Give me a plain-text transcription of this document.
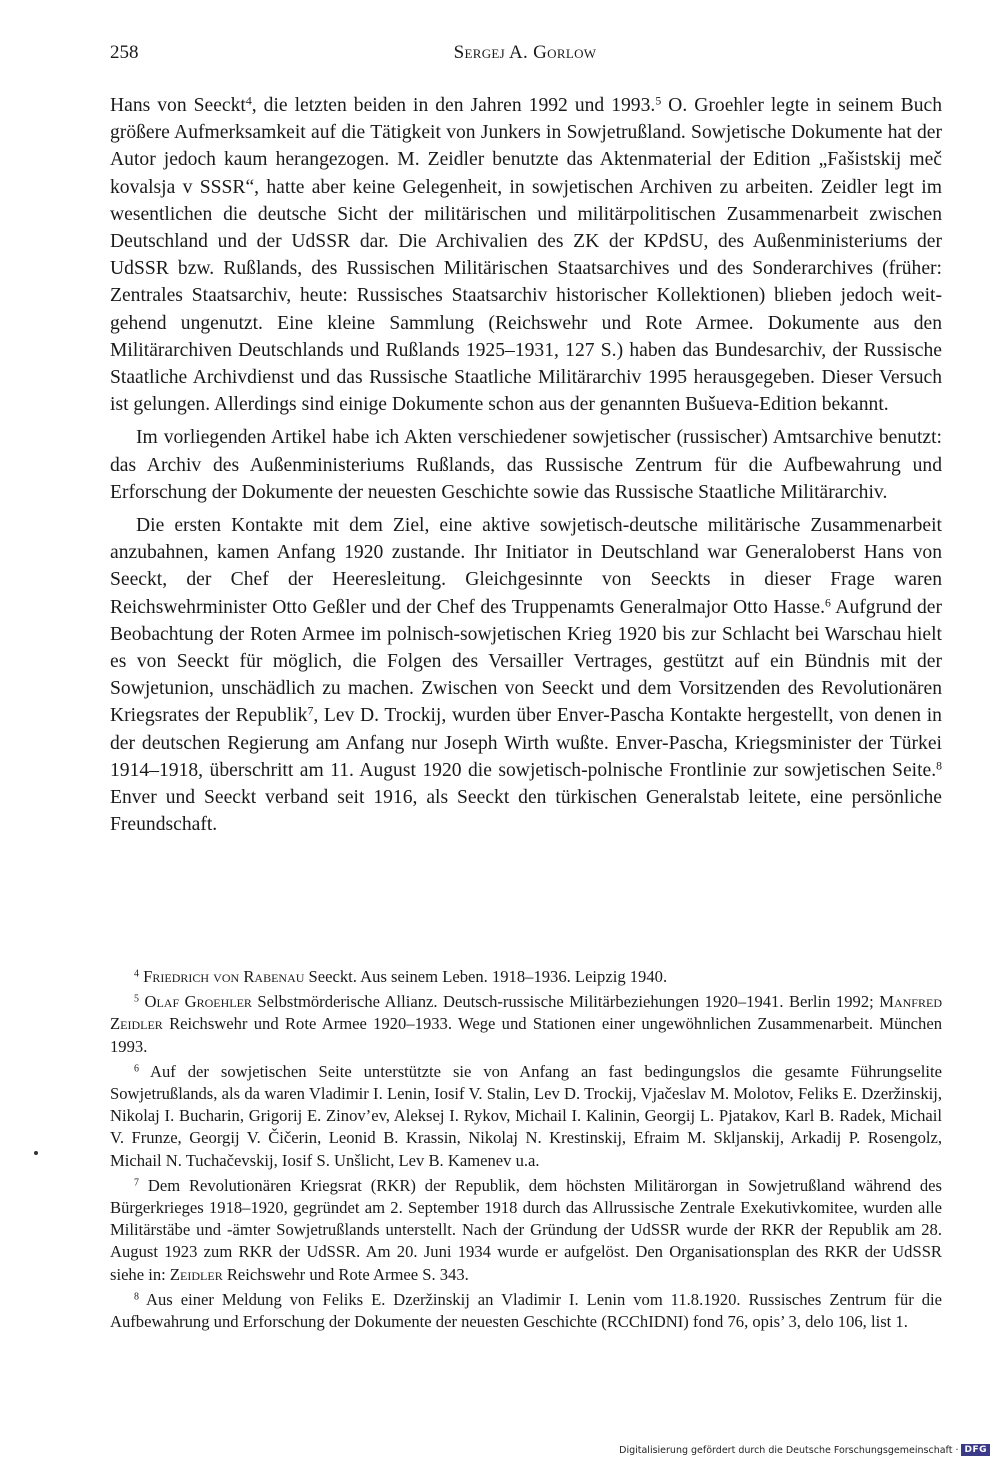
258	Sergej A. Gorlow

Hans von Seeckt$^4$, die letzten beiden in den Jahren 1992 und 1993.$^5$ O. Groehler legte in seinem Buch größere Aufmerksamkeit auf die Tätigkeit von Junkers in Sowjetrußland. Sowjetische Dokumente hat der Autor jedoch kaum herangezogen. M. Zeidler benutzte das Aktenmaterial der Edition „Fašistskij meč kovalsja v SSSR“, hatte aber keine Gelegenheit, in sowjetischen Archiven zu arbeiten. Zeidler legt im wesentlichen die deutsche Sicht der militärischen und militärpolitischen Zusammenarbeit zwischen Deutschland und der UdSSR dar. Die Archivalien des ZK der KPdSU, des Außenministeriums der UdSSR bzw. Rußlands, des Russischen Militärischen Staatsarchives und des Sonderarchives (früher: Zentrales Staatsarchiv, heute: Russisches Staatsarchiv historischer Kollektionen) blieben jedoch weitgehend ungenutzt. Eine kleine Sammlung (Reichswehr und Rote Armee. Dokumente aus den Militärarchiven Deutschlands und Rußlands 1925–1931, 127 S.) haben das Bundesarchiv, der Russische Staatliche Archivdienst und das Russische Staatliche Militärarchiv 1995 herausgegeben. Dieser Versuch ist gelungen. Allerdings sind einige Dokumente schon aus der genannten Bušueva-Edition bekannt.

Im vorliegenden Artikel habe ich Akten verschiedener sowjetischer (russischer) Amtsarchive benutzt: das Archiv des Außenministeriums Rußlands, das Russische Zentrum für die Aufbewahrung und Erforschung der Dokumente der neuesten Geschichte sowie das Russische Staatliche Militärarchiv.

Die ersten Kontakte mit dem Ziel, eine aktive sowjetisch-deutsche militärische Zusammenarbeit anzubahnen, kamen Anfang 1920 zustande. Ihr Initiator in Deutschland war Generaloberst Hans von Seeckt, der Chef der Heeresleitung. Gleichgesinnte von Seeckts in dieser Frage waren Reichswehrminister Otto Geßler und der Chef des Truppenamts Generalmajor Otto Hasse.$^6$ Aufgrund der Beobachtung der Roten Armee im polnisch-sowjetischen Krieg 1920 bis zur Schlacht bei Warschau hielt es von Seeckt für möglich, die Folgen des Versailler Vertrages, gestützt auf ein Bündnis mit der Sowjetunion, unschädlich zu machen. Zwischen von Seeckt und dem Vorsitzenden des Revolutionären Kriegsrates der Republik$^7$, Lev D. Trockij, wurden über Enver-Pascha Kontakte hergestellt, von denen in der deutschen Regierung am Anfang nur Joseph Wirth wußte. Enver-Pascha, Kriegsminister der Türkei 1914–1918, überschritt am 11. August 1920 die sowjetisch-polnische Frontlinie zur sowjetischen Seite.$^8$ Enver und Seeckt verband seit 1916, als Seeckt den türkischen Generalstab leitete, eine persönliche Freundschaft.

$^4$ Friedrich von Rabenau Seeckt. Aus seinem Leben. 1918–1936. Leipzig 1940.

$^5$ Olaf Groehler Selbstmörderische Allianz. Deutsch-russische Militärbeziehungen 1920–1941. Berlin 1992; Manfred Zeidler Reichswehr und Rote Armee 1920–1933. Wege und Stationen einer ungewöhnlichen Zusammenarbeit. München 1993.

$^6$ Auf der sowjetischen Seite unterstützte sie von Anfang an fast bedingungslos die gesamte Führungselite Sowjetrußlands, als da waren Vladimir I. Lenin, Iosif V. Stalin, Lev D. Trockij, Vjačeslav M. Molotov, Feliks E. Dzeržinskij, Nikolaj I. Bucharin, Grigorij E. Zinov’ev, Aleksej I. Rykov, Michail I. Kalinin, Georgij L. Pjatakov, Karl B. Radek, Michail V. Frunze, Georgij V. Čičerin, Leonid B. Krassin, Nikolaj N. Krestinskij, Efraim M. Skljanskij, Arkadij P. Rosengolz, Michail N. Tuchačevskij, Iosif S. Unšlicht, Lev B. Kamenev u.a.

$^7$ Dem Revolutionären Kriegsrat (RKR) der Republik, dem höchsten Militärorgan in Sowjetrußland während des Bürgerkrieges 1918–1920, gegründet am 2. September 1918 durch das Allrussische Zentrale Exekutivkomitee, wurden alle Militärstäbe und -ämter Sowjetrußlands unterstellt. Nach der Gründung der UdSSR wurde der RKR der Republik am 28. August 1923 zum RKR der UdSSR. Am 20. Juni 1934 wurde er aufgelöst. Den Organisationsplan des RKR der UdSSR siehe in: Zeidler Reichswehr und Rote Armee S. 343.

$^8$ Aus einer Meldung von Feliks E. Dzeržinskij an Vladimir I. Lenin vom 11.8.1920. Russisches Zentrum für die Aufbewahrung und Erforschung der Dokumente der neuesten Geschichte (RCChIDNI) fond 76, opis’ 3, delo 106, list 1.

Digitalisierung gefördert durch die Deutsche Forschungsgemeinschaft · DFG
